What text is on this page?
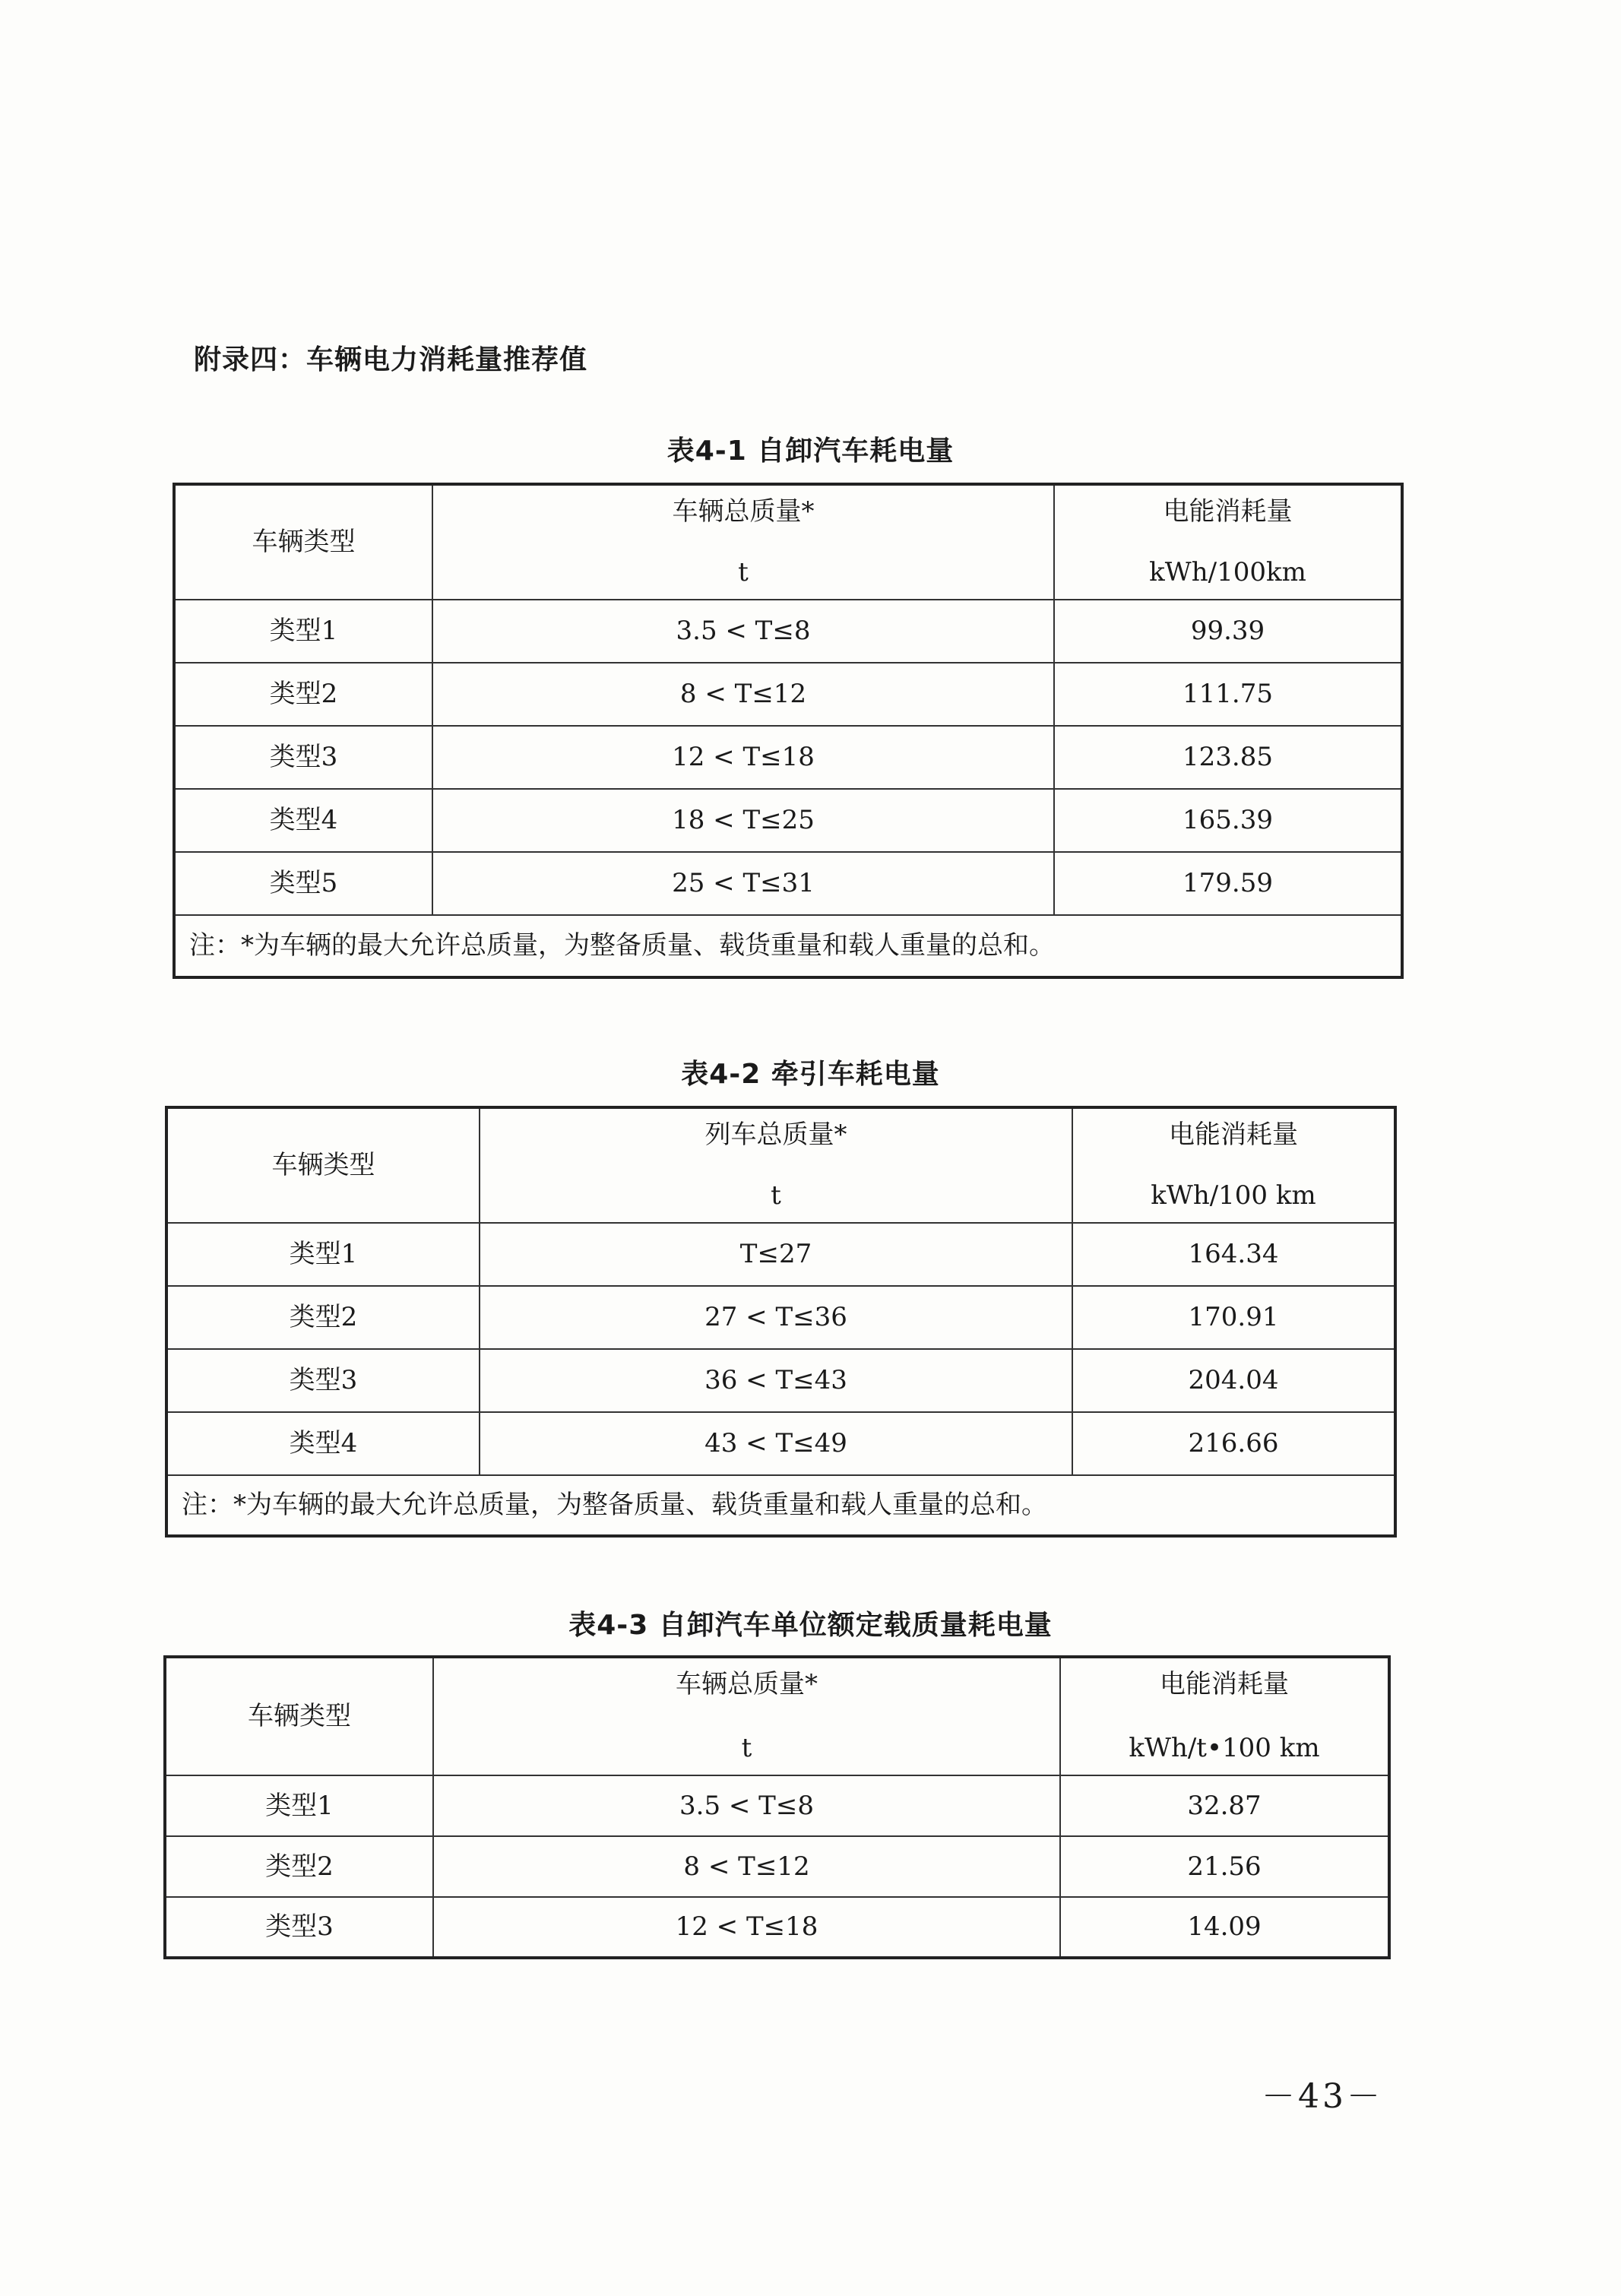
附录四：车辆电力消耗量推荐值
表4-1 自卸汽车耗电量
车辆类型	车辆总质量*	电能消耗量
	t	kWh/100km
类型1	3.5 < T≤8	99.39
类型2	8 < T≤12	111.75
类型3	12 < T≤18	123.85
类型4	18 < T≤25	165.39
类型5	25 < T≤31	179.59
注：*为车辆的最大允许总质量，为整备质量、载货重量和载人重量的总和。		
表4-2 牵引车耗电量
车辆类型	列车总质量*	电能消耗量
	t	kWh/100 km
类型1	T≤27	164.34
类型2	27 < T≤36	170.91
类型3	36 < T≤43	204.04
类型4	43 < T≤49	216.66
注：*为车辆的最大允许总质量，为整备质量、载货重量和载人重量的总和。		
表4-3 自卸汽车单位额定载质量耗电量
车辆类型	车辆总质量*	电能消耗量
	t	kWh/t•100 km
类型1	3.5 < T≤8	32.87
类型2	8 < T≤12	21.56
类型3	12 < T≤18	14.09
－43－
